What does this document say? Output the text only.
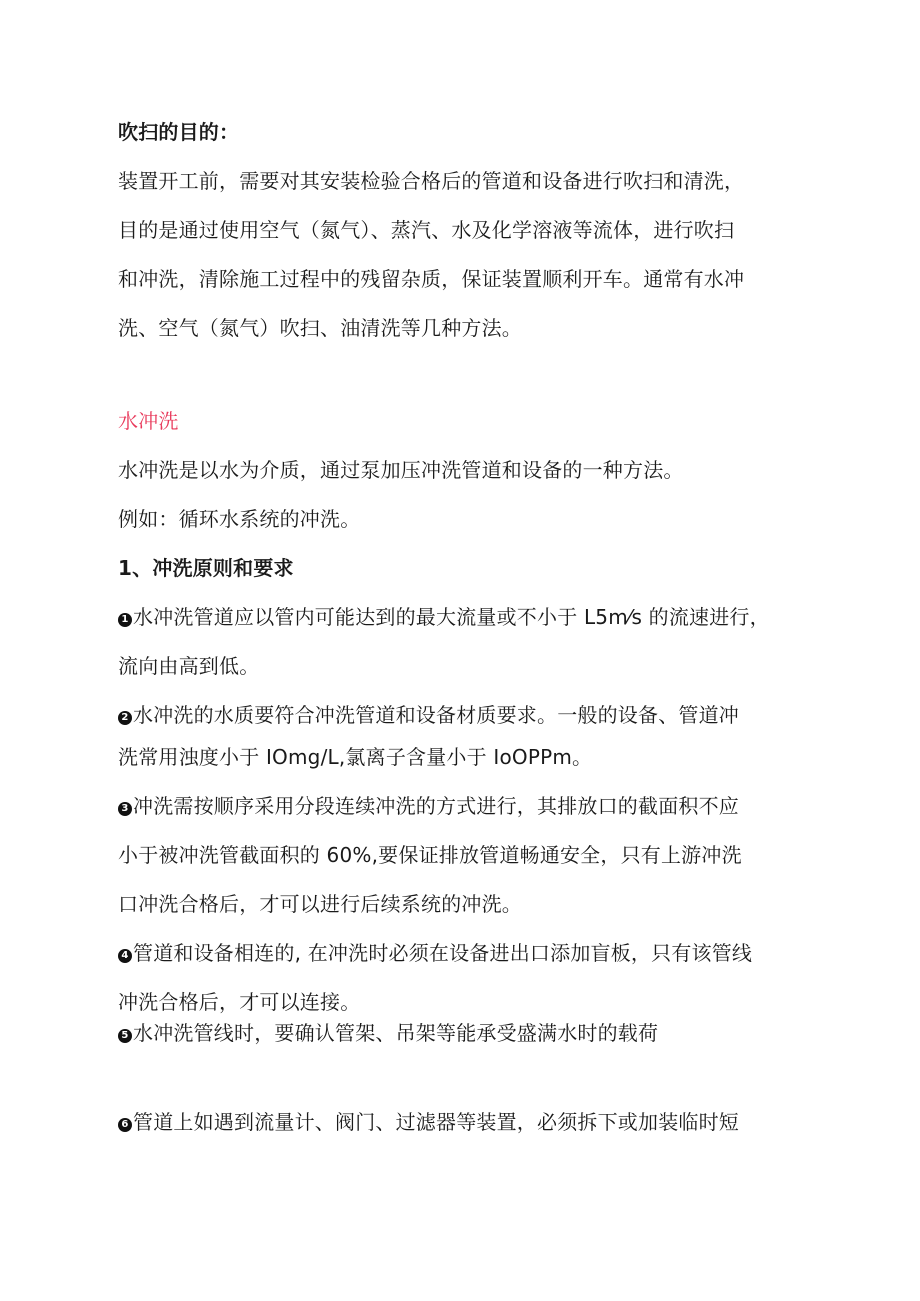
吹扫的目的：
装置开工前，需要对其安装检验合格后的管道和设备进行吹扫和清洗，
目的是通过使用空气（氮气）、蒸汽、水及化学溶液等流体，进行吹扫
和冲洗，清除施工过程中的残留杂质，保证装置顺利开车。通常有水冲
洗、空气（氮气）吹扫、油清洗等几种方法。
水冲洗
水冲洗是以水为介质，通过泵加压冲洗管道和设备的一种方法。
例如：循环水系统的冲洗。
1、冲洗原则和要求
1 水冲洗管道应以管内可能达到的最大流量或不小于 L5m⁄s 的流速进行，
流向由高到低。
2 水冲洗的水质要符合冲洗管道和设备材质要求。一般的设备、管道冲
洗常用浊度小于 IOmg/L,氯离子含量小于 IoOPPm。
3 冲洗需按顺序采用分段连续冲洗的方式进行，其排放口的截面积不应
小于被冲洗管截面积的 60%,要保证排放管道畅通安全，只有上游冲洗
口冲洗合格后，才可以进行后续系统的冲洗。
4 管道和设备相连的, 在冲洗时必须在设备进出口添加盲板，只有该管线
冲洗合格后，才可以连接。
5 水冲洗管线时，要确认管架、吊架等能承受盛满水时的载荷
6 管道上如遇到流量计、阀门、过滤器等装置，必须拆下或加装临时短
